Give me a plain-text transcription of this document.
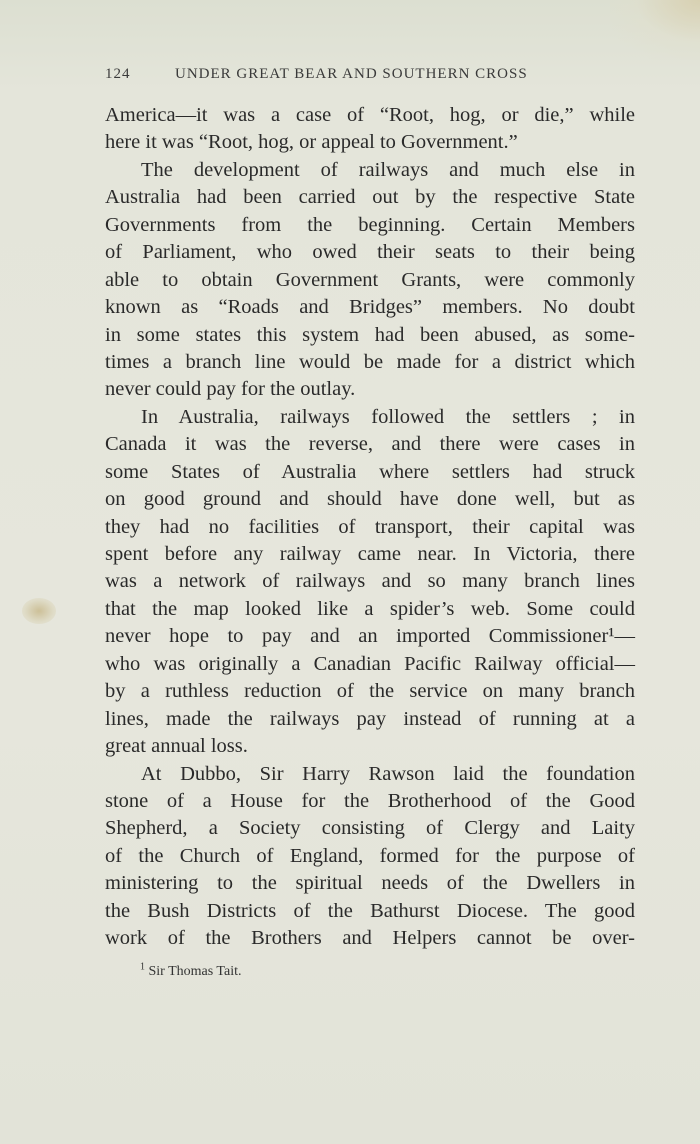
124	UNDER GREAT BEAR AND SOUTHERN CROSS
America—it was a case of “Root, hog, or die,” while
here it was “Root, hog, or appeal to Government.”
The development of railways and much else in
Australia had been carried out by the respective State
Governments from the beginning. Certain Members
of Parliament, who owed their seats to their being
able to obtain Government Grants, were commonly
known as “Roads and Bridges” members. No doubt
in some states this system had been abused, as some-
times a branch line would be made for a district which
never could pay for the outlay.
In Australia, railways followed the settlers ; in
Canada it was the reverse, and there were cases in
some States of Australia where settlers had struck
on good ground and should have done well, but as
they had no facilities of transport, their capital was
spent before any railway came near. In Victoria, there
was a network of railways and so many branch lines
that the map looked like a spider’s web. Some could
never hope to pay and an imported Commissioner¹—
who was originally a Canadian Pacific Railway official—
by a ruthless reduction of the service on many branch
lines, made the railways pay instead of running at a
great annual loss.
At Dubbo, Sir Harry Rawson laid the foundation
stone of a House for the Brotherhood of the Good
Shepherd, a Society consisting of Clergy and Laity
of the Church of England, formed for the purpose of
ministering to the spiritual needs of the Dwellers in
the Bush Districts of the Bathurst Diocese. The good
work of the Brothers and Helpers cannot be over-
$^1$ Sir Thomas Tait.
